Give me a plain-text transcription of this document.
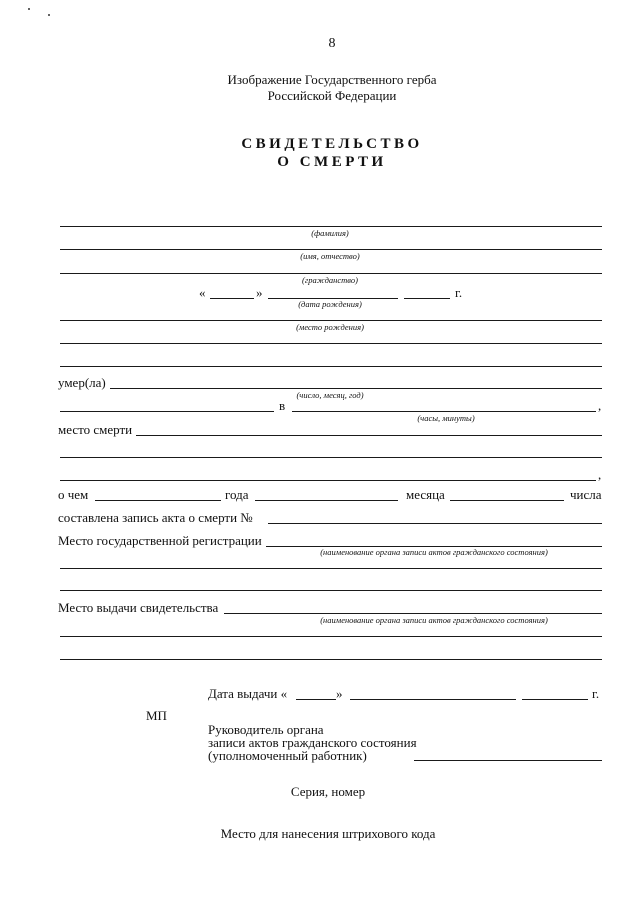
8
Изображение Государственного герба
Российской Федерации
СВИДЕТЕЛЬСТВО
О СМЕРТИ
(фамилия)
(имя, отчество)
(гражданство)
«	»	г.
(дата рождения)
(место рождения)
умер(ла)
(число, месяц, год)
в	,
(часы, минуты)
место смерти
,
о чем	года	месяца	числа
составлена запись акта о смерти №
Место государственной регистрации
(наименование органа записи актов гражданского состояния)
Место выдачи свидетельства
(наименование органа записи актов гражданского состояния)
Дата выдачи «	»	г.
МП
Руководитель органа
записи актов гражданского состояния
(уполномоченный работник)
Серия, номер
Место для нанесения штрихового кода
